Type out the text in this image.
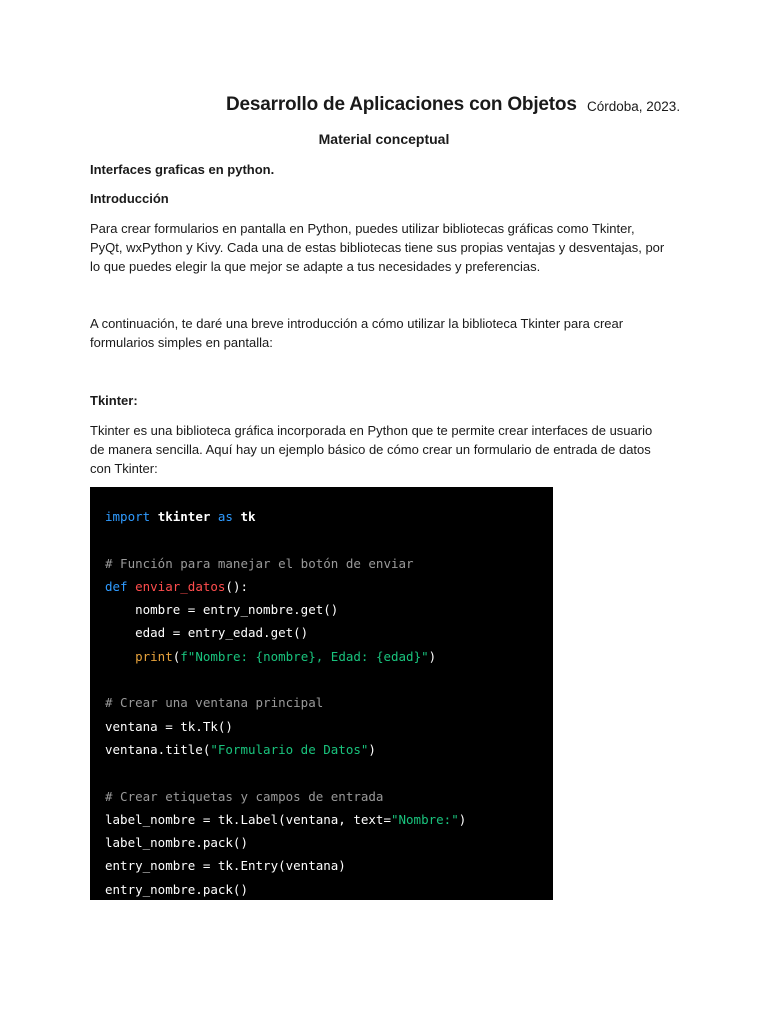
Desarrollo de Aplicaciones con Objetos Córdoba, 2023.
Material conceptual
Interfaces graficas en python.
Introducción

Para crear formularios en pantalla en Python, puedes utilizar bibliotecas gráficas como Tkinter, PyQt, wxPython y Kivy. Cada una de estas bibliotecas tiene sus propias ventajas y desventajas, por lo que puedes elegir la que mejor se adapte a tus necesidades y preferencias.

A continuación, te daré una breve introducción a cómo utilizar la biblioteca Tkinter para crear formularios simples en pantalla:

Tkinter:

Tkinter es una biblioteca gráfica incorporada en Python que te permite crear interfaces de usuario de manera sencilla. Aquí hay un ejemplo básico de cómo crear un formulario de entrada de datos con Tkinter:

import tkinter as tk

# Función para manejar el botón de enviar
def enviar_datos():
nombre = entry_nombre.get()
edad = entry_edad.get()
print(f"Nombre: {nombre}, Edad: {edad}")

# Crear una ventana principal
ventana = tk.Tk()
ventana.title("Formulario de Datos")

# Crear etiquetas y campos de entrada
label_nombre = tk.Label(ventana, text="Nombre:")
label_nombre.pack()
entry_nombre = tk.Entry(ventana)
entry_nombre.pack()
